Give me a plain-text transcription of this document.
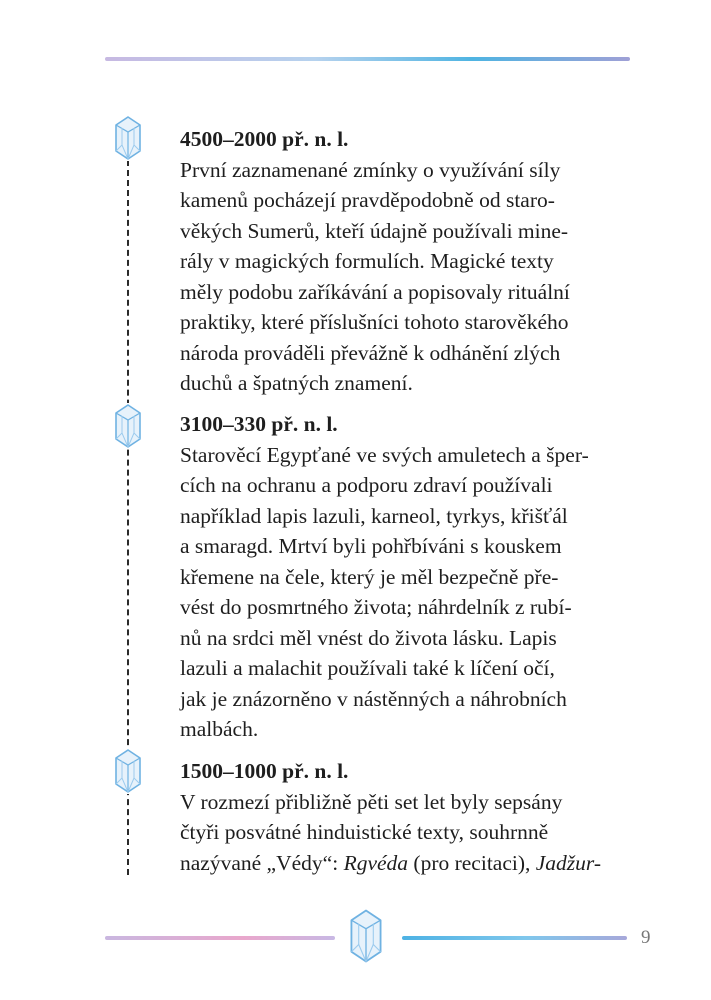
4500–2000 př. n. l.

První zaznamenané zmínky o využívání síly
kamenů pocházejí pravděpodobně od staro-
věkých Sumerů, kteří údajně používali mine-
rály v magických formulích. Magické texty
měly podobu zaříkávání a popisovaly rituální
praktiky, které příslušníci tohoto starověkého
národa prováděli převážně k odhánění zlých
duchů a špatných znamení.

3100–330 př. n. l.

Starověcí Egypťané ve svých amuletech a šper-
cích na ochranu a podporu zdraví používali
například lapis lazuli, karneol, tyrkys, křišťál
a smaragd. Mrtví byli pohřbíváni s kouskem
křemene na čele, který je měl bezpečně pře-
vést do posmrtného života; náhrdelník z rubí-
nů na srdci měl vnést do života lásku. Lapis
lazuli a malachit používali také k líčení očí,
jak je znázorněno v nástěnných a náhrobních
malbách.

1500–1000 př. n. l.

V rozmezí přibližně pěti set let byly sepsány
čtyři posvátné hinduistické texty, souhrnně
nazývané „Védy“: Rgvéda (pro recitaci), Jadžur-

9
